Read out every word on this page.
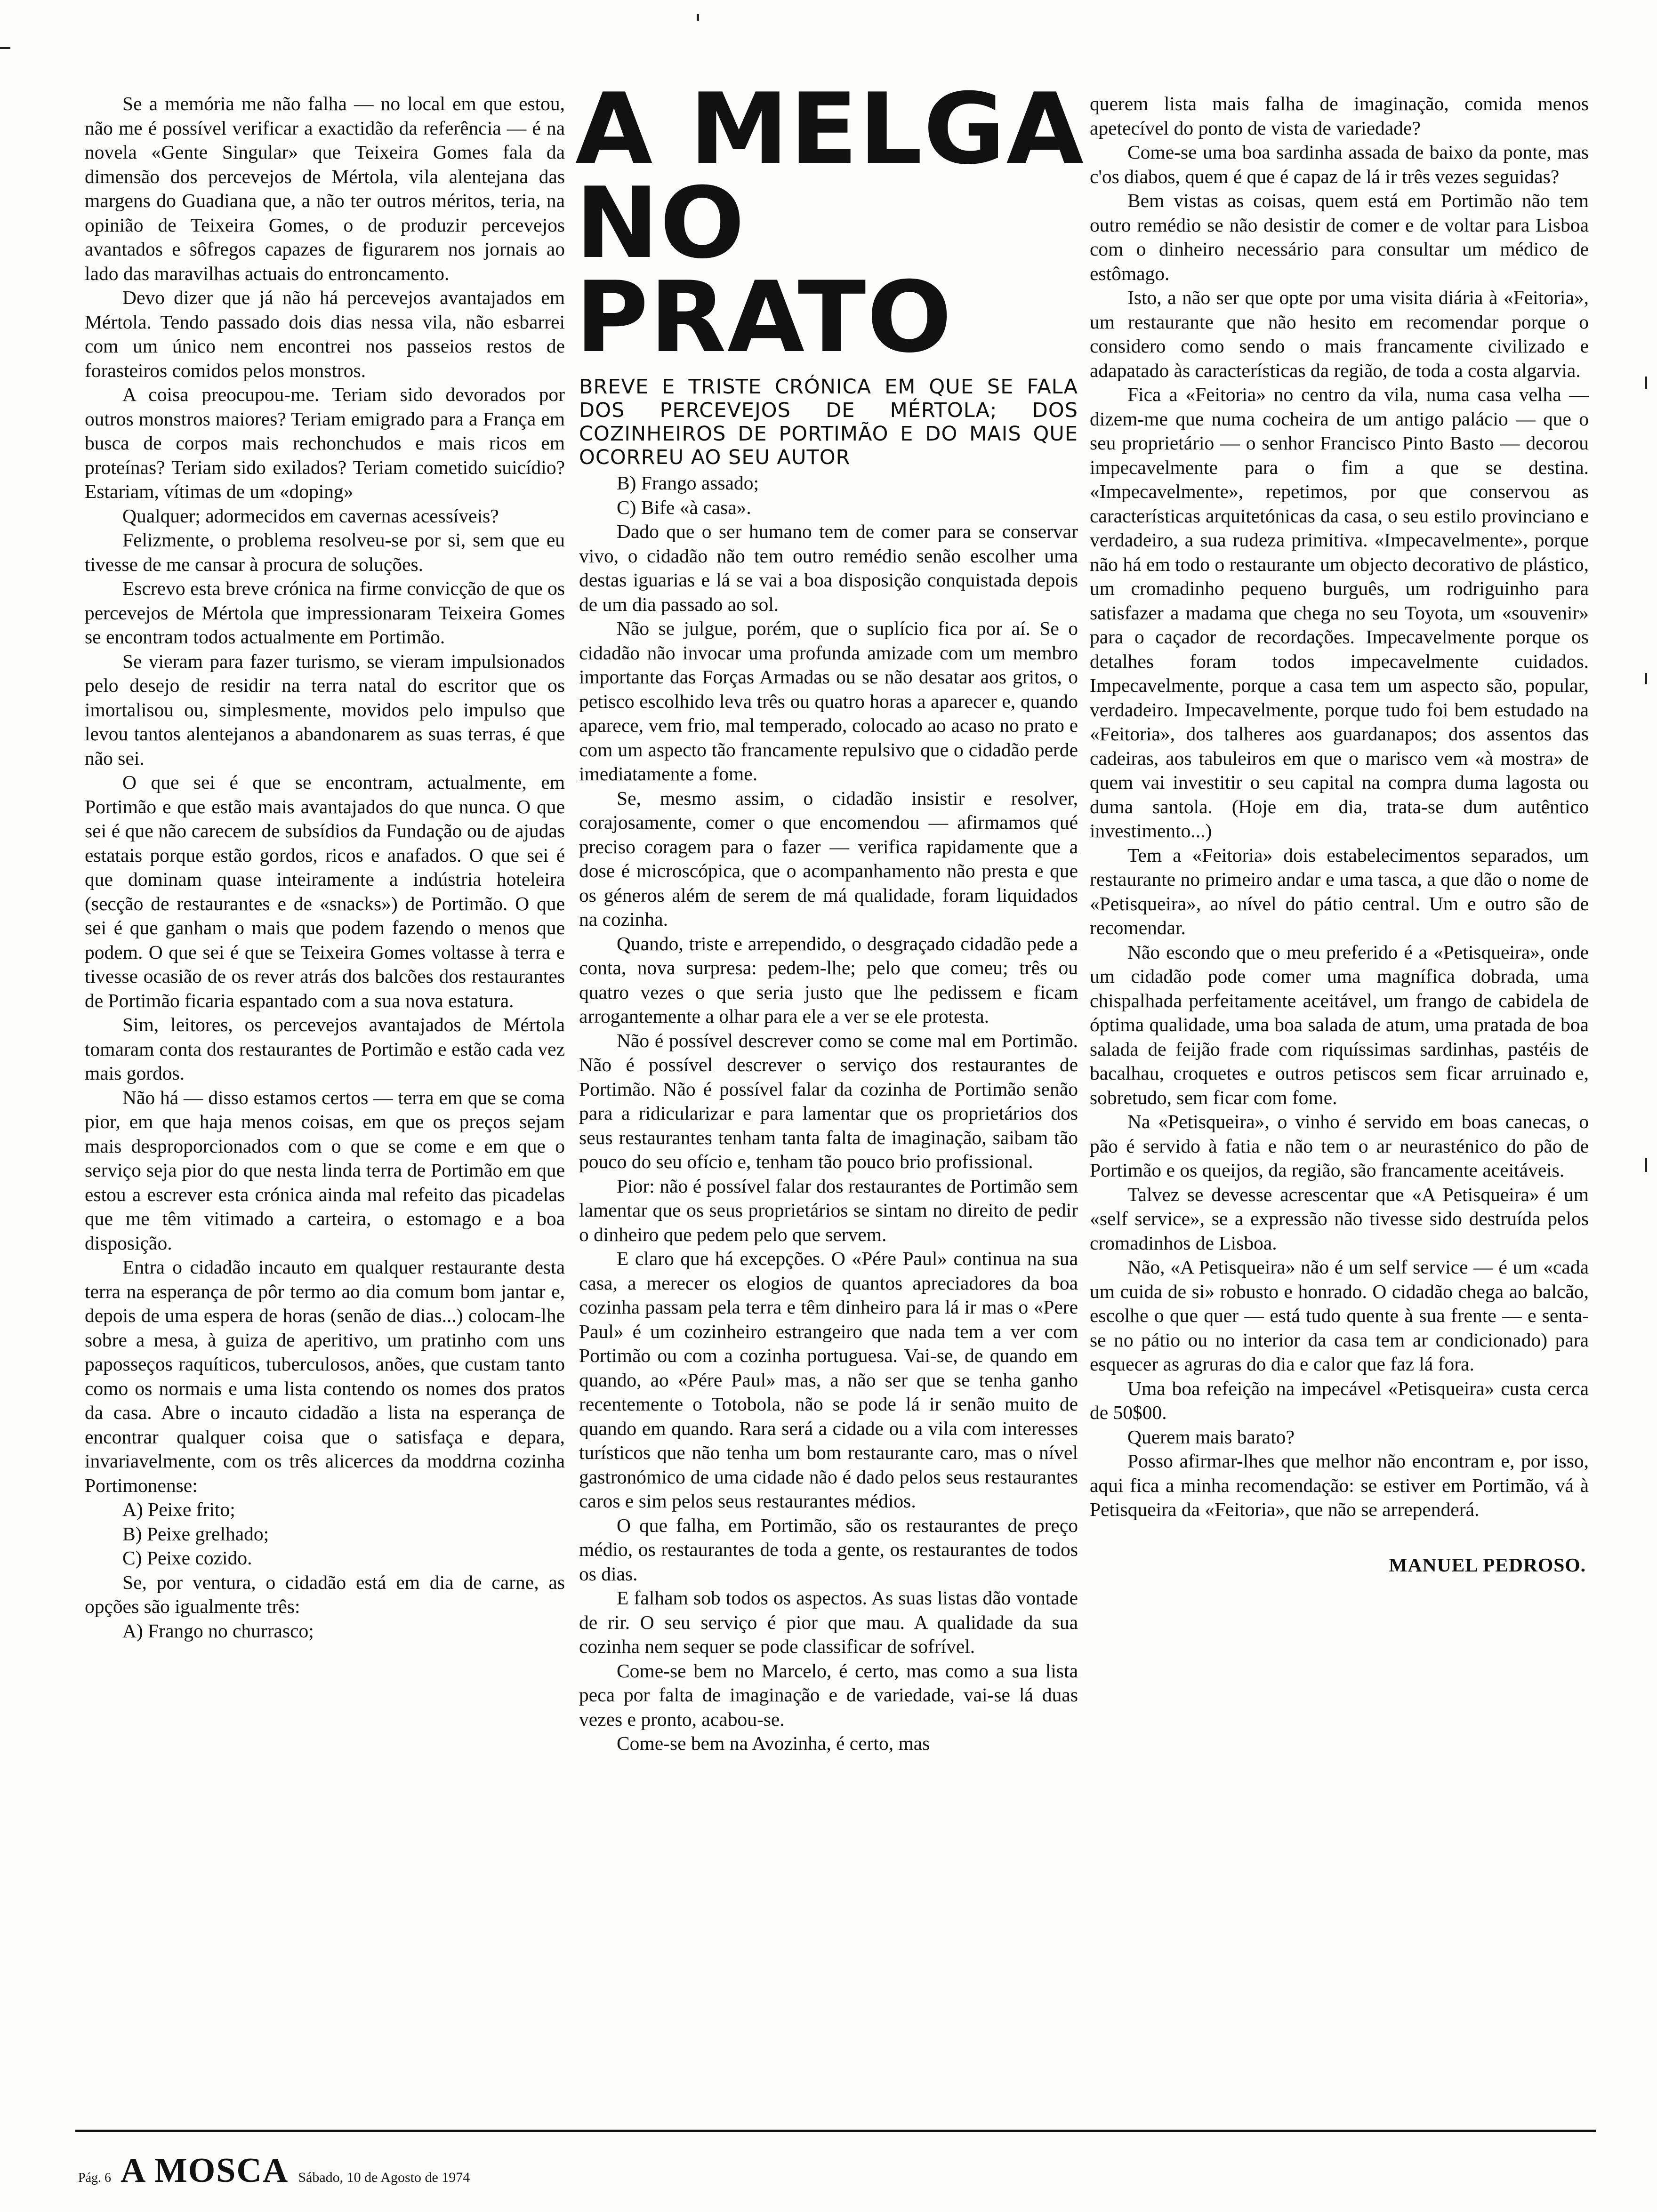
Se a memória me não falha — no local em que estou, não me é possível verificar a exactidão da referência — é na novela «Gente Singular» que Teixeira Gomes fala da dimensão dos percevejos de Mértola, vila alentejana das margens do Guadiana que, a não ter outros méritos, teria, na opinião de Teixeira Gomes, o de produzir percevejos avantados e sôfregos capazes de figurarem nos jornais ao lado das maravilhas actuais do entroncamento.

Devo dizer que já não há percevejos avantajados em Mértola. Tendo passado dois dias nessa vila, não esbarrei com um único nem encontrei nos passeios restos de forasteiros comidos pelos monstros.

A coisa preocupou-me. Teriam sido devorados por outros monstros maiores? Teriam emigrado para a França em busca de corpos mais rechonchudos e mais ricos em proteínas? Teriam sido exilados? Teriam cometido suicídio? Estariam, vítimas de um «doping»

Qualquer; adormecidos em cavernas acessíveis?

Felizmente, o problema resolveu-se por si, sem que eu tivesse de me cansar à procura de soluções.

Escrevo esta breve crónica na firme convicção de que os percevejos de Mértola que impressionaram Teixeira Gomes se encontram todos actualmente em Portimão.

Se vieram para fazer turismo, se vieram impulsionados pelo desejo de residir na terra natal do escritor que os imortalisou ou, simplesmente, movidos pelo impulso que levou tantos alentejanos a abandonarem as suas terras, é que não sei.

O que sei é que se encontram, actualmente, em Portimão e que estão mais avantajados do que nunca. O que sei é que não carecem de subsídios da Fundação ou de ajudas estatais porque estão gordos, ricos e anafados. O que sei é que dominam quase inteiramente a indústria hoteleira (secção de restaurantes e de «snacks») de Portimão. O que sei é que ganham o mais que podem fazendo o menos que podem. O que sei é que se Teixeira Gomes voltasse à terra e tivesse ocasião de os rever atrás dos balcões dos restaurantes de Portimão ficaria espantado com a sua nova estatura.

Sim, leitores, os percevejos avantajados de Mértola tomaram conta dos restaurantes de Portimão e estão cada vez mais gordos.

Não há — disso estamos certos — terra em que se coma pior, em que haja menos coisas, em que os preços sejam mais desproporcionados com o que se come e em que o serviço seja pior do que nesta linda terra de Portimão em que estou a escrever esta crónica ainda mal refeito das picadelas que me têm vitimado a carteira, o estomago e a boa disposição.

Entra o cidadão incauto em qualquer restaurante desta terra na esperança de pôr termo ao dia comum bom jantar e, depois de uma espera de horas (senão de dias...) colocam-lhe sobre a mesa, à guiza de aperitivo, um pratinho com uns paposseços raquíticos, tuberculosos, anões, que custam tanto como os normais e uma lista contendo os nomes dos pratos da casa. Abre o incauto cidadão a lista na esperança de encontrar qualquer coisa que o satisfaça e depara, invariavelmente, com os três alicerces da moddrna cozinha Portimonense:

A) Peixe frito;

B) Peixe grelhado;

C) Peixe cozido.

Se, por ventura, o cidadão está em dia de carne, as opções são igualmente três:

A) Frango no churrasco;

A MELGA
NO PRATO
BREVE E TRISTE CRÓNICA EM QUE SE FALA DOS PERCEVEJOS DE MÉRTOLA; DOS COZINHEIROS DE PORTIMÃO E DO MAIS QUE OCORREU AO SEU AUTOR

B) Frango assado;

C) Bife «à casa».

Dado que o ser humano tem de comer para se conservar vivo, o cidadão não tem outro remédio senão escolher uma destas iguarias e lá se vai a boa disposição conquistada depois de um dia passado ao sol.

Não se julgue, porém, que o suplício fica por aí. Se o cidadão não invocar uma profunda amizade com um membro importante das Forças Armadas ou se não desatar aos gritos, o petisco escolhido leva três ou quatro horas a aparecer e, quando aparece, vem frio, mal temperado, colocado ao acaso no prato e com um aspecto tão francamente repulsivo que o cidadão perde imediatamente a fome.

Se, mesmo assim, o cidadão insistir e resolver, corajosamente, comer o que encomendou — afirmamos qué preciso coragem para o fazer — verifica rapidamente que a dose é microscópica, que o acompanhamento não presta e que os géneros além de serem de má qualidade, foram liquidados na cozinha.

Quando, triste e arrependido, o desgraçado cidadão pede a conta, nova surpresa: pedem-lhe; pelo que comeu; três ou quatro vezes o que seria justo que lhe pedissem e ficam arrogantemente a olhar para ele a ver se ele protesta.

Não é possível descrever como se come mal em Portimão. Não é possível descrever o serviço dos restaurantes de Portimão. Não é possível falar da cozinha de Portimão senão para a ridicularizar e para lamentar que os proprietários dos seus restaurantes tenham tanta falta de imaginação, saibam tão pouco do seu ofício e, tenham tão pouco brio profissional.

Pior: não é possível falar dos restaurantes de Portimão sem lamentar que os seus proprietários se sintam no direito de pedir o dinheiro que pedem pelo que servem.

E claro que há excepções. O «Pére Paul» continua na sua casa, a merecer os elogios de quantos apreciadores da boa cozinha passam pela terra e têm dinheiro para lá ir mas o «Pere Paul» é um cozinheiro estrangeiro que nada tem a ver com Portimão ou com a cozinha portuguesa. Vai-se, de quando em quando, ao «Pére Paul» mas, a não ser que se tenha ganho recentemente o Totobola, não se pode lá ir senão muito de quando em quando. Rara será a cidade ou a vila com interesses turísticos que não tenha um bom restaurante caro, mas o nível gastronómico de uma cidade não é dado pelos seus restaurantes caros e sim pelos seus restaurantes médios.

O que falha, em Portimão, são os restaurantes de preço médio, os restaurantes de toda a gente, os restaurantes de todos os dias.

E falham sob todos os aspectos. As suas listas dão vontade de rir. O seu serviço é pior que mau. A qualidade da sua cozinha nem sequer se pode classificar de sofrível.

Come-se bem no Marcelo, é certo, mas como a sua lista peca por falta de imaginação e de variedade, vai-se lá duas vezes e pronto, acabou-se.

Come-se bem na Avozinha, é certo, mas

querem lista mais falha de imaginação, comida menos apetecível do ponto de vista de variedade?

Come-se uma boa sardinha assada de baixo da ponte, mas c'os diabos, quem é que é capaz de lá ir três vezes seguidas?

Bem vistas as coisas, quem está em Portimão não tem outro remédio se não desistir de comer e de voltar para Lisboa com o dinheiro necessário para consultar um médico de estômago.

Isto, a não ser que opte por uma visita diária à «Feitoria», um restaurante que não hesito em recomendar porque o considero como sendo o mais francamente civilizado e adapatado às características da região, de toda a costa algarvia.

Fica a «Feitoria» no centro da vila, numa casa velha — dizem-me que numa cocheira de um antigo palácio — que o seu proprietário — o senhor Francisco Pinto Basto — decorou impecavelmente para o fim a que se destina. «Impecavelmente», repetimos, por que conservou as características arquitetónicas da casa, o seu estilo provinciano e verdadeiro, a sua rudeza primitiva. «Impecavelmente», porque não há em todo o restaurante um objecto decorativo de plástico, um cromadinho pequeno burguês, um rodriguinho para satisfazer a madama que chega no seu Toyota, um «souvenir» para o caçador de recordações. Impecavelmente porque os detalhes foram todos impecavelmente cuidados. Impecavelmente, porque a casa tem um aspecto são, popular, verdadeiro. Impecavelmente, porque tudo foi bem estudado na «Feitoria», dos talheres aos guardanapos; dos assentos das cadeiras, aos tabuleiros em que o marisco vem «à mostra» de quem vai investitir o seu capital na compra duma lagosta ou duma santola. (Hoje em dia, trata-se dum autêntico investimento...)

Tem a «Feitoria» dois estabelecimentos separados, um restaurante no primeiro andar e uma tasca, a que dão o nome de «Petisqueira», ao nível do pátio central. Um e outro são de recomendar.

Não escondo que o meu preferido é a «Petisqueira», onde um cidadão pode comer uma magnífica dobrada, uma chispalhada perfeitamente aceitável, um frango de cabidela de óptima qualidade, uma boa salada de atum, uma pratada de boa salada de feijão frade com riquíssimas sardinhas, pastéis de bacalhau, croquetes e outros petiscos sem ficar arruinado e, sobretudo, sem ficar com fome.

Na «Petisqueira», o vinho é servido em boas canecas, o pão é servido à fatia e não tem o ar neurasténico do pão de Portimão e os queijos, da região, são francamente aceitáveis.

Talvez se devesse acrescentar que «A Petisqueira» é um «self service», se a expressão não tivesse sido destruída pelos cromadinhos de Lisboa.

Não, «A Petisqueira» não é um self service — é um «cada um cuida de si» robusto e honrado. O cidadão chega ao balcão, escolhe o que quer — está tudo quente à sua frente — e senta-se no pátio ou no interior da casa tem ar condicionado) para esquecer as agruras do dia e calor que faz lá fora.

Uma boa refeição na impecável «Petisqueira» custa cerca de 50$00.

Querem mais barato?

Posso afirmar-lhes que melhor não encontram e, por isso, aqui fica a minha recomendação: se estiver em Portimão, vá à Petisqueira da «Feitoria», que não se arrependerá.

MANUEL PEDROSO.
Pág. 6 A MOSCA Sábado, 10 de Agosto de 1974
